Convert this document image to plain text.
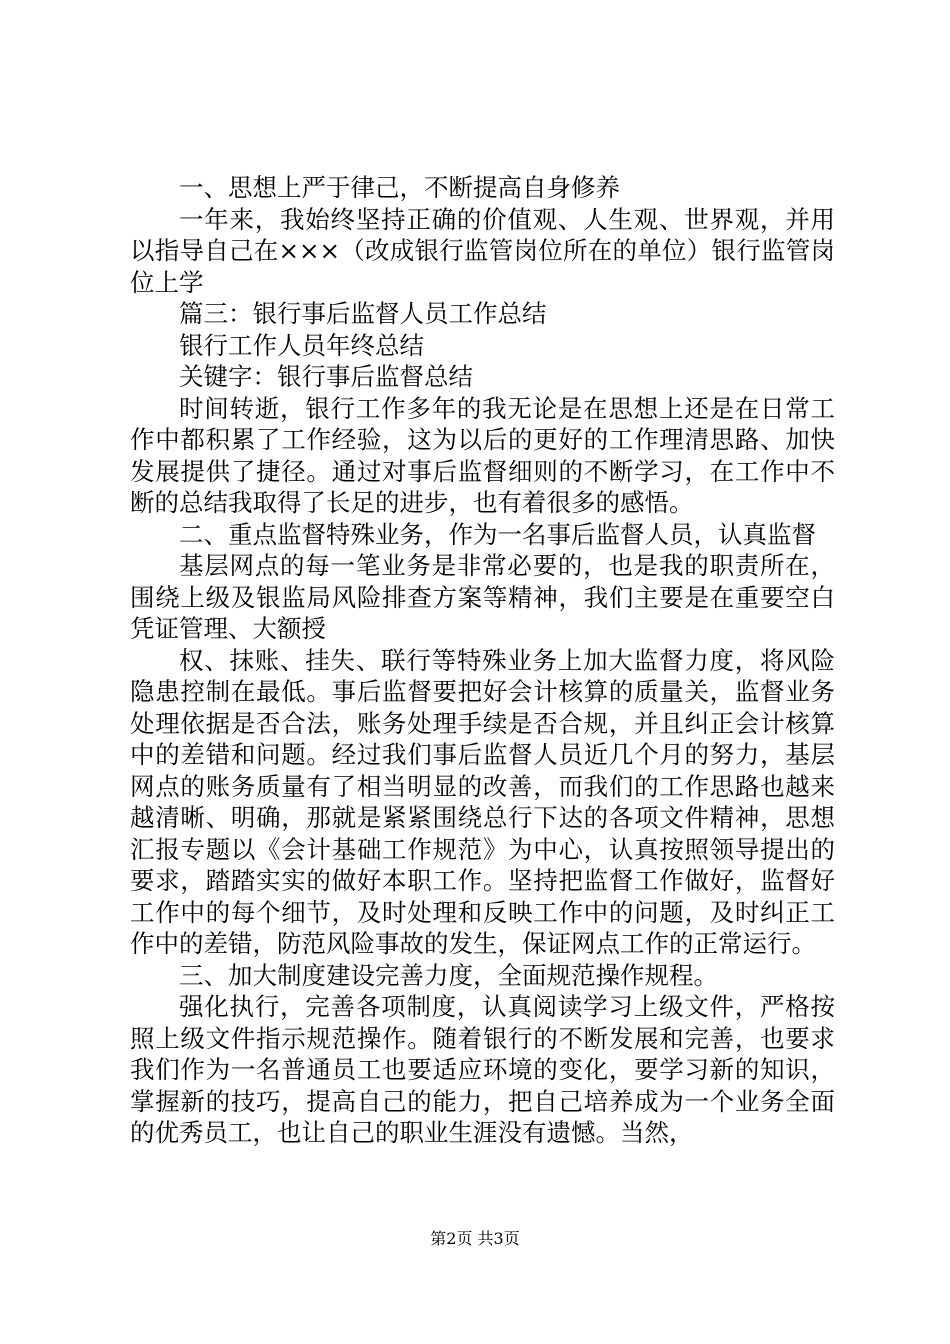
一、思想上严于律己，不断提高自身修养

一年来，我始终坚持正确的价值观、人生观、世界观，并用以指导自己在×××（改成银行监管岗位所在的单位）银行监管岗位上学

篇三：银行事后监督人员工作总结

银行工作人员年终总结

关键字：银行事后监督总结

时间转逝，银行工作多年的我无论是在思想上还是在日常工作中都积累了工作经验，这为以后的更好的工作理清思路、加快发展提供了捷径。通过对事后监督细则的不断学习，在工作中不断的总结我取得了长足的进步，也有着很多的感悟。

二、重点监督特殊业务，作为一名事后监督人员，认真监督

基层网点的每一笔业务是非常必要的，也是我的职责所在，围绕上级及银监局风险排查方案等精神，我们主要是在重要空白凭证管理、大额授

权、抹账、挂失、联行等特殊业务上加大监督力度，将风险隐患控制在最低。事后监督要把好会计核算的质量关，监督业务处理依据是否合法，账务处理手续是否合规，并且纠正会计核算中的差错和问题。经过我们事后监督人员近几个月的努力，基层网点的账务质量有了相当明显的改善，而我们的工作思路也越来越清晰、明确，那就是紧紧围绕总行下达的各项文件精神，思想汇报专题以《会计基础工作规范》为中心，认真按照领导提出的要求，踏踏实实的做好本职工作。坚持把监督工作做好，监督好工作中的每个细节，及时处理和反映工作中的问题，及时纠正工作中的差错，防范风险事故的发生，保证网点工作的正常运行。

三、加大制度建设完善力度，全面规范操作规程。

强化执行，完善各项制度，认真阅读学习上级文件，严格按照上级文件指示规范操作。随着银行的不断发展和完善，也要求我们作为一名普通员工也要适应环境的变化，要学习新的知识，掌握新的技巧，提高自己的能力，把自己培养成为一个业务全面的优秀员工，也让自己的职业生涯没有遗憾。当然，

第2页 共3页
